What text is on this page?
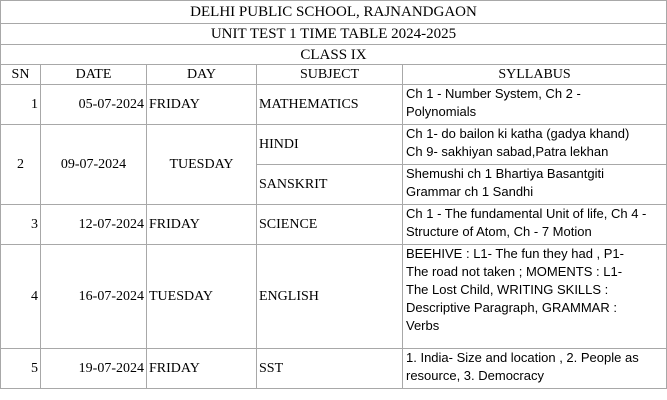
DELHI PUBLIC SCHOOL, RAJNANDGAON				
UNIT TEST 1 TIME TABLE 2024-2025				
CLASS IX				
SN	DATE	DAY	SUBJECT	SYLLABUS
1	05-07-2024	FRIDAY	MATHEMATICS	Ch 1 - Number System, Ch 2 -
Polynomials

2	09-07-2024	TUESDAY	HINDI	Ch 1- do bailon ki katha (gadya khand)
Ch 9- sakhiyan sabad,Patra lekhan

			SANSKRIT	Shemushi ch 1 Bhartiya Basantgiti
Grammar ch 1 Sandhi

3	12-07-2024	FRIDAY	SCIENCE	Ch 1 - The fundamental Unit of life, Ch 4 -
Structure of Atom, Ch - 7 Motion

4	16-07-2024	TUESDAY	ENGLISH	BEEHIVE : L1- The fun they had , P1-
The road not taken ; MOMENTS : L1-
The Lost Child, WRITING SKILLS :
Descriptive Paragraph, GRAMMAR :
Verbs

5	19-07-2024	FRIDAY	SST	1. India- Size and location , 2. People as
resource, 3. Democracy
